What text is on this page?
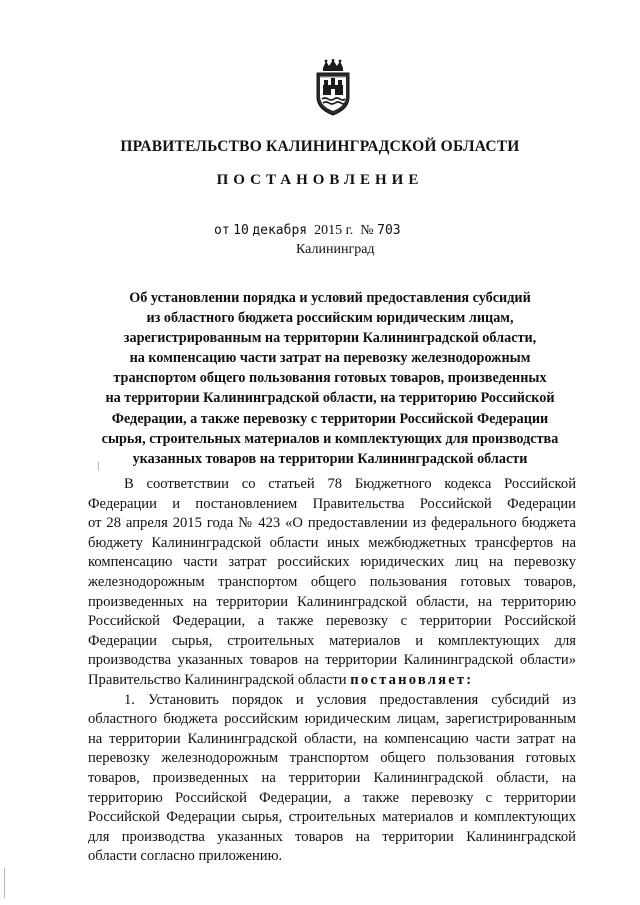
ПРАВИТЕЛЬСТВО КАЛИНИНГРАДСКОЙ ОБЛАСТИ
ПОСТАНОВЛЕНИЕ
от 10 декабря 2015 г. № 703
Калининград
Об установлении порядка и условий предоставления субсидий
из областного бюджета российским юридическим лицам,
зарегистрированным на территории Калининградской области,
на компенсацию части затрат на перевозку железнодорожным
транспортом общего пользования готовых товаров, произведенных
на территории Калининградской области, на территорию Российской
Федерации, а также перевозку с территории Российской Федерации
сырья, строительных материалов и комплектующих для производства
указанных товаров на территории Калининградской области
В соответствии со статьей 78 Бюджетного кодекса Российской
Федерации и постановлением Правительства Российской Федерации
от 28 апреля 2015 года № 423 «О предоставлении из федерального бюджета
бюджету Калининградской области иных межбюджетных трансфертов на
компенсацию части затрат российских юридических лиц на перевозку
железнодорожным транспортом общего пользования готовых товаров,
произведенных на территории Калининградской области, на территорию
Российской Федерации, а также перевозку с территории Российской
Федерации сырья, строительных материалов и комплектующих для
производства указанных товаров на территории Калининградской области»
Правительство Калининградской области постановляет:
1. Установить порядок и условия предоставления субсидий из
областного бюджета российским юридическим лицам, зарегистрированным
на территории Калининградской области, на компенсацию части затрат на
перевозку железнодорожным транспортом общего пользования готовых
товаров, произведенных на территории Калининградской области, на
территорию Российской Федерации, а также перевозку с территории
Российской Федерации сырья, строительных материалов и комплектующих
для производства указанных товаров на территории Калининградской
области согласно приложению.
